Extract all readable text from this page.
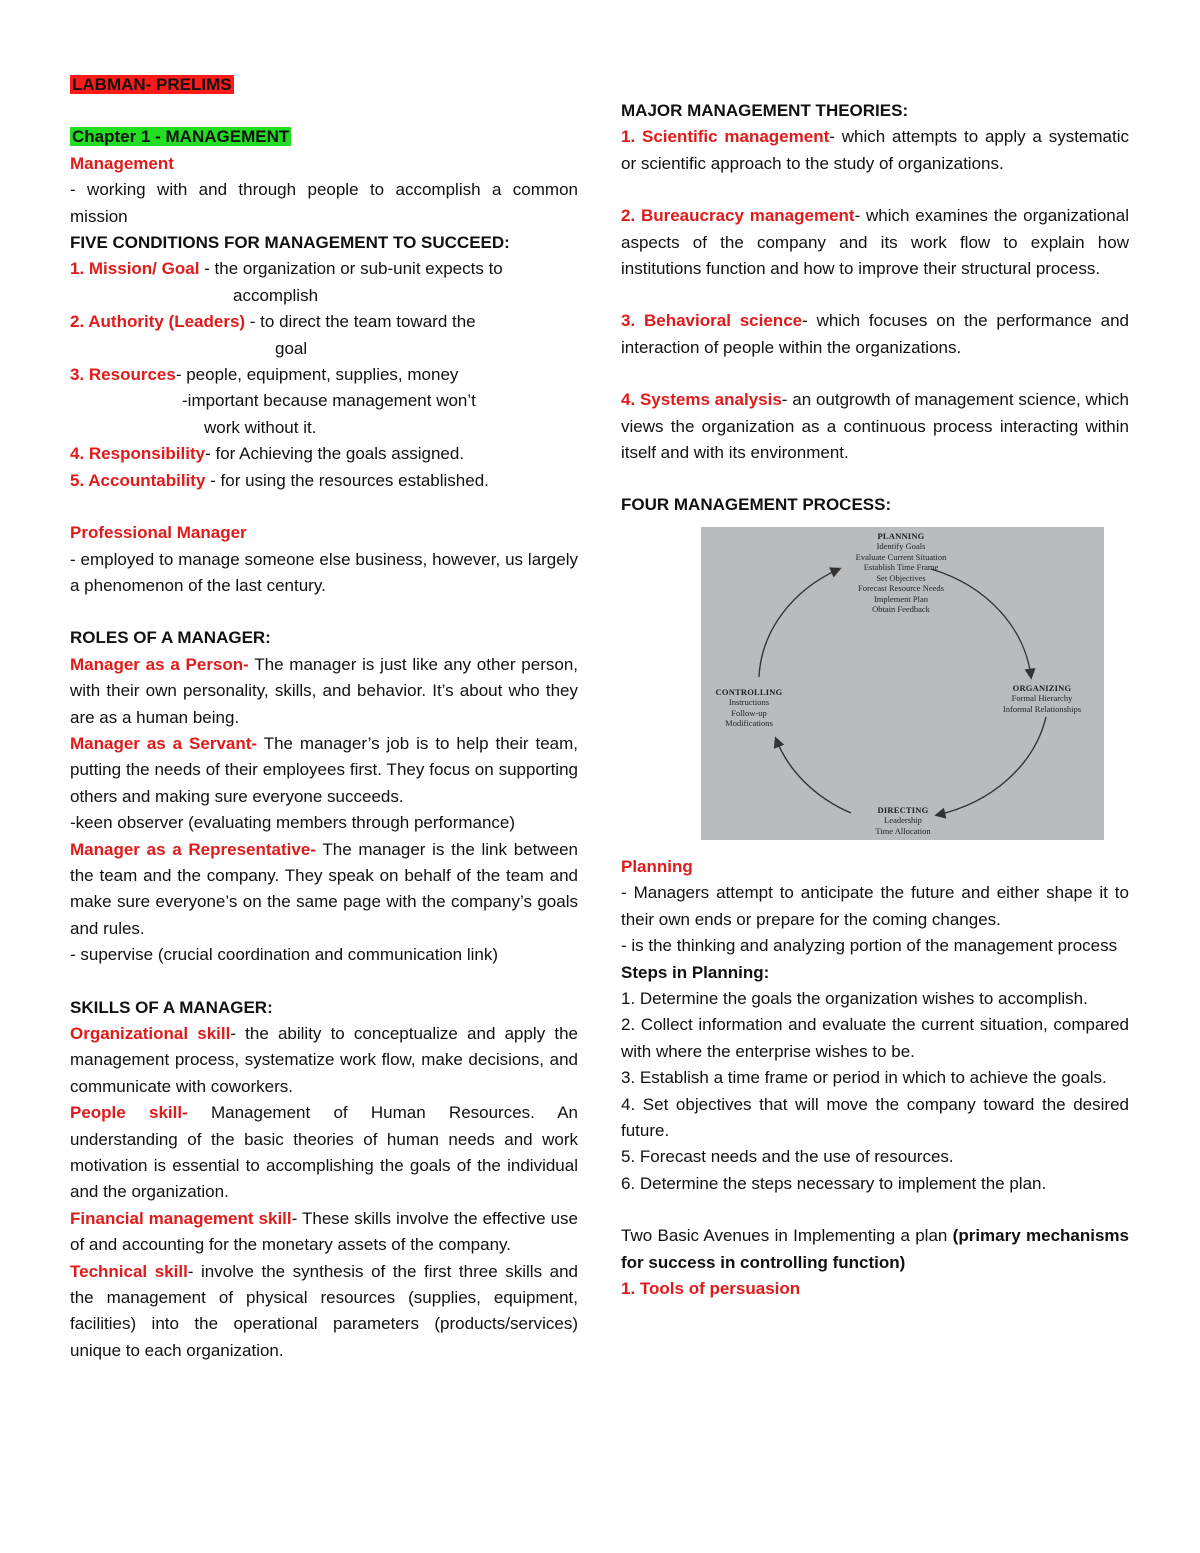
LABMAN- PRELIMS

Chapter 1 - MANAGEMENT

Management

- working with and through people to accomplish a common mission

FIVE CONDITIONS FOR MANAGEMENT TO SUCCEED:

1. Mission/ Goal - the organization or sub-unit expects to

accomplish

2. Authority (Leaders) - to direct the team toward the

goal

3. Resources- people, equipment, supplies, money

-important because management won’t

work without it.

4. Responsibility- for Achieving the goals assigned.

5. Accountability - for using the resources established.

Professional Manager

- employed to manage someone else business, however, us largely a phenomenon of the last century.

ROLES OF A MANAGER:

Manager as a Person- The manager is just like any other person, with their own personality, skills, and behavior. It’s about who they are as a human being.

Manager as a Servant- The manager’s job is to help their team, putting the needs of their employees first. They focus on supporting others and making sure everyone succeeds.

-keen observer (evaluating members through performance)

Manager as a Representative- The manager is the link between the team and the company. They speak on behalf of the team and make sure everyone’s on the same page with the company’s goals and rules.

- supervise (crucial coordination and communication link)

SKILLS OF A MANAGER:

Organizational skill- the ability to conceptualize and apply the management process, systematize work flow, make decisions, and communicate with coworkers.

People skill- Management of Human Resources. An understanding of the basic theories of human needs and work motivation is essential to accomplishing the goals of the individual and the organization.

Financial management skill- These skills involve the effective use of and accounting for the monetary assets of the company.

Technical skill- involve the synthesis of the first three skills and the management of physical resources (supplies, equipment, facilities) into the operational parameters (products/services) unique to each organization.

MAJOR MANAGEMENT THEORIES:

1. Scientific management- which attempts to apply a systematic or scientific approach to the study of organizations.

2. Bureaucracy management- which examines the organizational aspects of the company and its work flow to explain how institutions function and how to improve their structural process.

3. Behavioral science- which focuses on the performance and interaction of people within the organizations.

4. Systems analysis- an outgrowth of management science, which views the organization as a continuous process interacting within itself and with its environment.

FOUR MANAGEMENT PROCESS:

PLANNING
Identify Goals
Evaluate Current Situation
Establish Time Frame
Set Objectives
Forecast Resource Needs
Implement Plan
Obtain Feedback
ORGANIZING
Formal Hierarchy
Informal Relationships
DIRECTING
Leadership
Time Allocation
CONTROLLING
Instructions
Follow-up
Modifications

Planning

- Managers attempt to anticipate the future and either shape it to their own ends or prepare for the coming changes.

- is the thinking and analyzing portion of the management process

Steps in Planning:

1. Determine the goals the organization wishes to accomplish.

2. Collect information and evaluate the current situation, compared with where the enterprise wishes to be.

3. Establish a time frame or period in which to achieve the goals.

4. Set objectives that will move the company toward the desired future.

5. Forecast needs and the use of resources.

6. Determine the steps necessary to implement the plan.

Two Basic Avenues in Implementing a plan (primary mechanisms for success in controlling function)

1. Tools of persuasion
